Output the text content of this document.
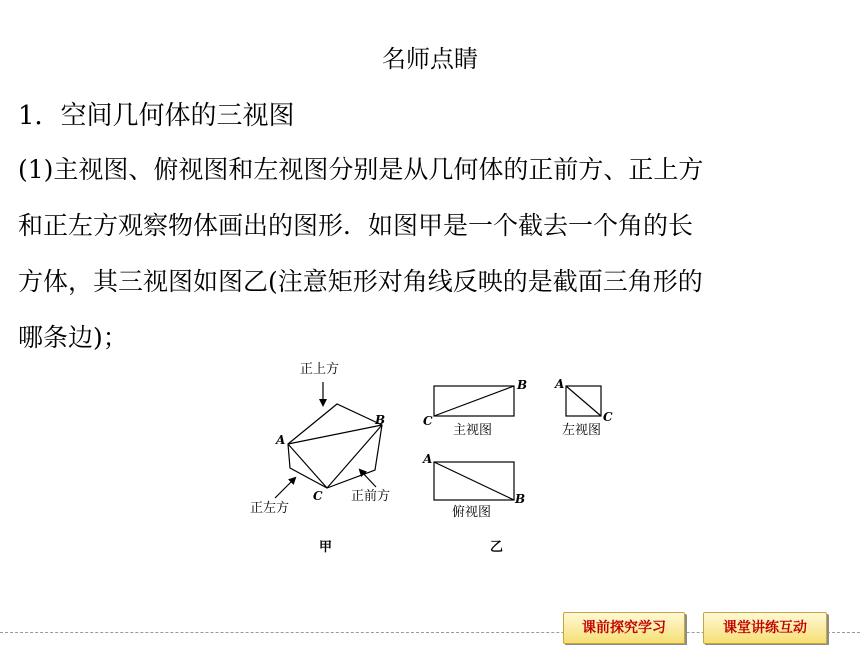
名师点睛
1．空间几何体的三视图
(1)主视图、俯视图和左视图分别是从几何体的正前方、正上方
和正左方观察物体画出的图形．如图甲是一个截去一个角的长
方体，其三视图如图乙(注意矩形对角线反映的是截面三角形的
哪条边)；
正上方
正左方
正前方
A
B
C
甲
B
C
主视图
A
C
左视图
A
B
俯视图
乙
课前探究学习	课堂讲练互动
